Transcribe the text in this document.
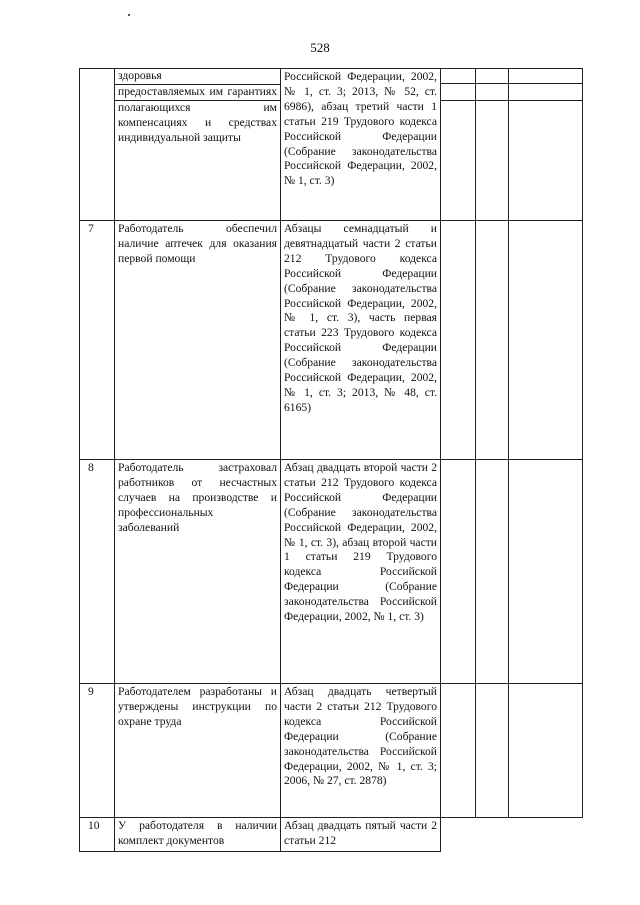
528

	здоровья
предоставляемых им гарантиях
полагающихся им компенсациях и средствах индивидуальной защиты	Российской Федерации, 2002, № 1, ст. 3; 2013, № 52, ст. 6986), абзац третий части 1 статьи 219 Трудового кодекса Российской Федерации (Собрание законодательства Российской Федерации, 2002, № 1, ст. 3)	

7	Работодатель обеспечил наличие аптечек для оказания первой помощи	Абзацы семнадцатый и девятнадцатый части 2 статьи 212 Трудового кодекса Российской Федерации (Собрание законодательства Российской Федерации, 2002, № 1, ст. 3), часть первая статьи 223 Трудового кодекса Российской Федерации (Собрание законодательства Российской Федерации, 2002, № 1, ст. 3; 2013, № 48, ст. 6165)			
8	Работодатель застраховал работников от несчастных случаев на производстве и профессиональных заболеваний	Абзац двадцать второй части 2 статьи 212 Трудового кодекса Российской Федерации (Собрание законодательства Российской Федерации, 2002, № 1, ст. 3), абзац второй части 1 статьи 219 Трудового кодекса Российской Федерации (Собрание законодательства Российской Федерации, 2002, № 1, ст. 3)			
9	Работодателем разработаны и утверждены инструкции по охране труда	Абзац двадцать четвертый части 2 статьи 212 Трудового кодекса Российской Федерации (Собрание законодательства Российской Федерации, 2002, № 1, ст. 3; 2006, № 27, ст. 2878)			
10	У работодателя в наличии комплект документов	Абзац двадцать пятый части 2 статьи 212			
